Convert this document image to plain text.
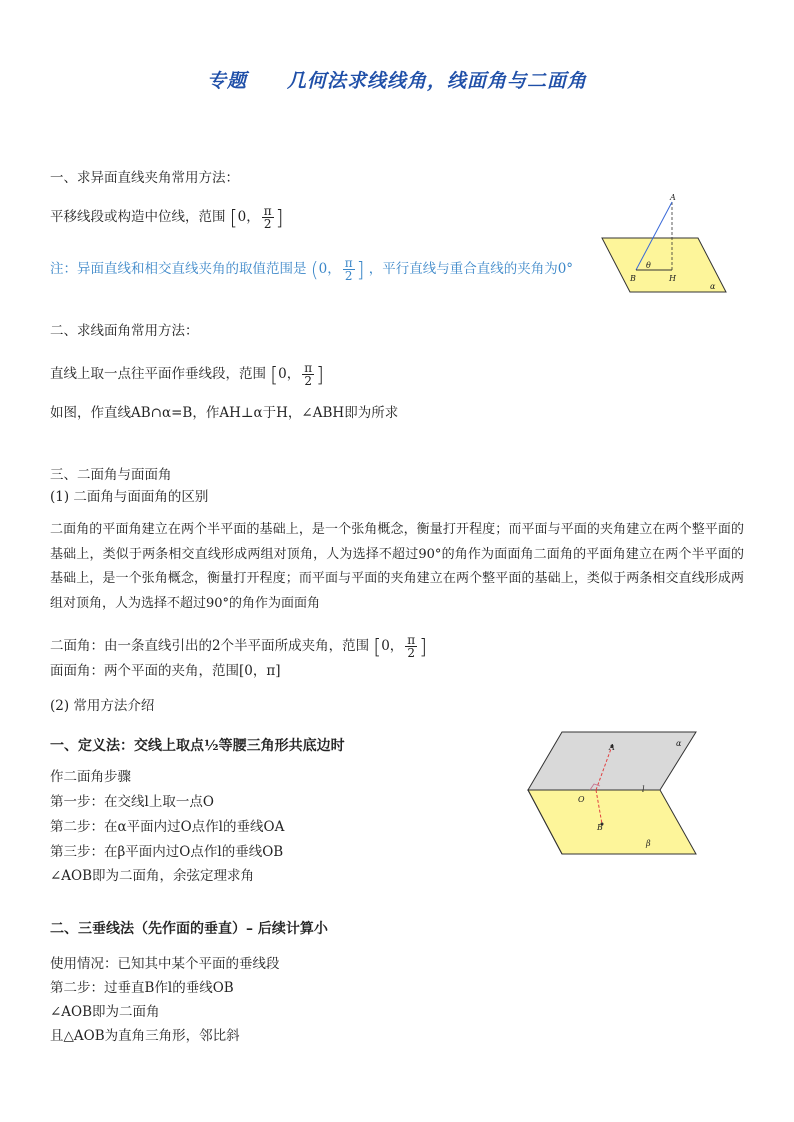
专题　　几何法求线线角，线面角与二面角
一、求异面直线夹角常用方法：
平移线段或构造中位线，范围 [0， $\frac{\pi}{2}$ ]
注：异面直线和相交直线夹角的取值范围是 (0， $\frac{\pi}{2}$ ] ，平行直线与重合直线的夹角为0°
A
B	H
θ
α
二、求线面角常用方法：
直线上取一点往平面作垂线段，范围 [0， $\frac{\pi}{2}$ ]
如图，作直线AB∩α=B，作AH⊥α于H，∠ABH即为所求
三、二面角与面面角
(1) 二面角与面面角的区别
二面角的平面角建立在两个半平面的基础上，是一个张角概念，衡量打开程度；而平面与平面的夹角建立在两个整平面的基础上，类似于两条相交直线形成两组对顶角，人为选择不超过90°的角作为面面角二面角的平面角建立在两个半平面的基础上，是一个张角概念，衡量打开程度；而平面与平面的夹角建立在两个整平面的基础上，类似于两条相交直线形成两组对顶角，人为选择不超过90°的角作为面面角
二面角：由一条直线引出的2个半平面所成夹角，范围 [0， $\frac{\pi}{2}$ ]
面面角：两个平面的夹角，范围[0，π]
(2) 常用方法介绍
一、定义法：交线上取点½等腰三角形共底边时
作二面角步骤
第一步：在交线l上取一点O
第二步：在α平面内过O点作l的垂线OA
第三步：在β平面内过O点作l的垂线OB
∠AOB即为二面角，余弦定理求角
A
O
B
l
α
β
二、三垂线法（先作面的垂直）– 后续计算小
使用情况：已知其中某个平面的垂线段
第二步：过垂直B作l的垂线OB
∠AOB即为二面角
且△AOB为直角三角形，邻比斜
